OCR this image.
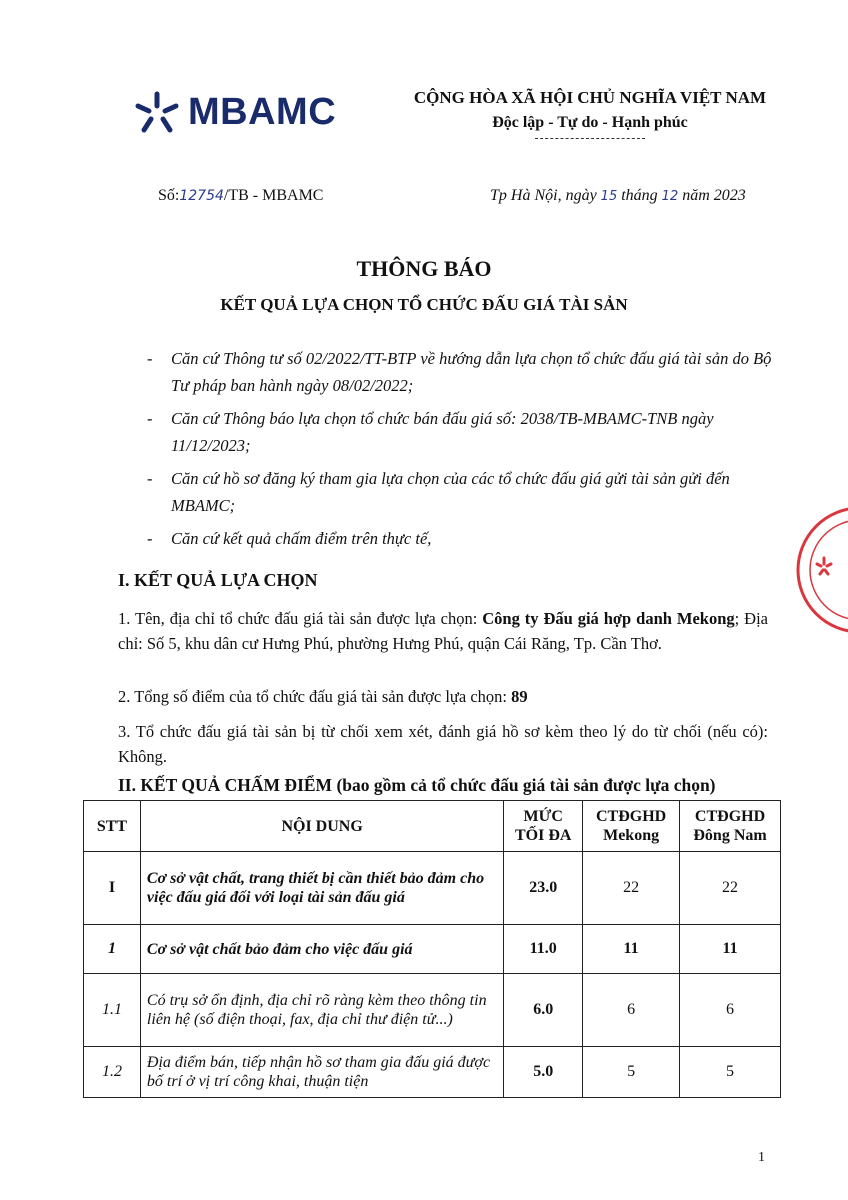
MBAMC	CỘNG HÒA XÃ HỘI CHỦ NGHĨA VIỆT NAM
Độc lập - Tự do - Hạnh phúc
Số:12754/TB - MBAMC	Tp Hà Nội, ngày 15 tháng 12 năm 2023
THÔNG BÁO
KẾT QUẢ LỰA CHỌN TỔ CHỨC ĐẤU GIÁ TÀI SẢN
- Căn cứ Thông tư số 02/2022/TT-BTP về hướng dẫn lựa chọn tổ chức đấu giá tài sản do Bộ Tư pháp ban hành ngày 08/02/2022;
- Căn cứ Thông báo lựa chọn tổ chức bán đấu giá số: 2038/TB-MBAMC-TNB ngày 11/12/2023;
- Căn cứ hồ sơ đăng ký tham gia lựa chọn của các tổ chức đấu giá gửi tài sản gửi đến MBAMC;
- Căn cứ kết quả chấm điểm trên thực tế,
I. KẾT QUẢ LỰA CHỌN
1. Tên, địa chỉ tổ chức đấu giá tài sản được lựa chọn: Công ty Đấu giá hợp danh Mekong; Địa chỉ: Số 5, khu dân cư Hưng Phú, phường Hưng Phú, quận Cái Răng, Tp. Cần Thơ.
2. Tổng số điểm của tổ chức đấu giá tài sản được lựa chọn: 89
3. Tổ chức đấu giá tài sản bị từ chối xem xét, đánh giá hồ sơ kèm theo lý do từ chối (nếu có): Không.
II. KẾT QUẢ CHẤM ĐIỂM (bao gồm cả tổ chức đấu giá tài sản được lựa chọn)
STT	NỘI DUNG	MỨC TỐI ĐA	CTĐGHD Mekong	CTĐGHD Đông Nam
I	Cơ sở vật chất, trang thiết bị cần thiết bảo đảm cho việc đấu giá đối với loại tài sản đấu giá	23.0	22	22
1	Cơ sở vật chất bảo đảm cho việc đấu giá	11.0	11	11
1.1	Có trụ sở ổn định, địa chỉ rõ ràng kèm theo thông tin liên hệ (số điện thoại, fax, địa chỉ thư điện tử...)	6.0	6	6
1.2	Địa điểm bán, tiếp nhận hồ sơ tham gia đấu giá được bố trí ở vị trí công khai, thuận tiện	5.0	5	5
1
